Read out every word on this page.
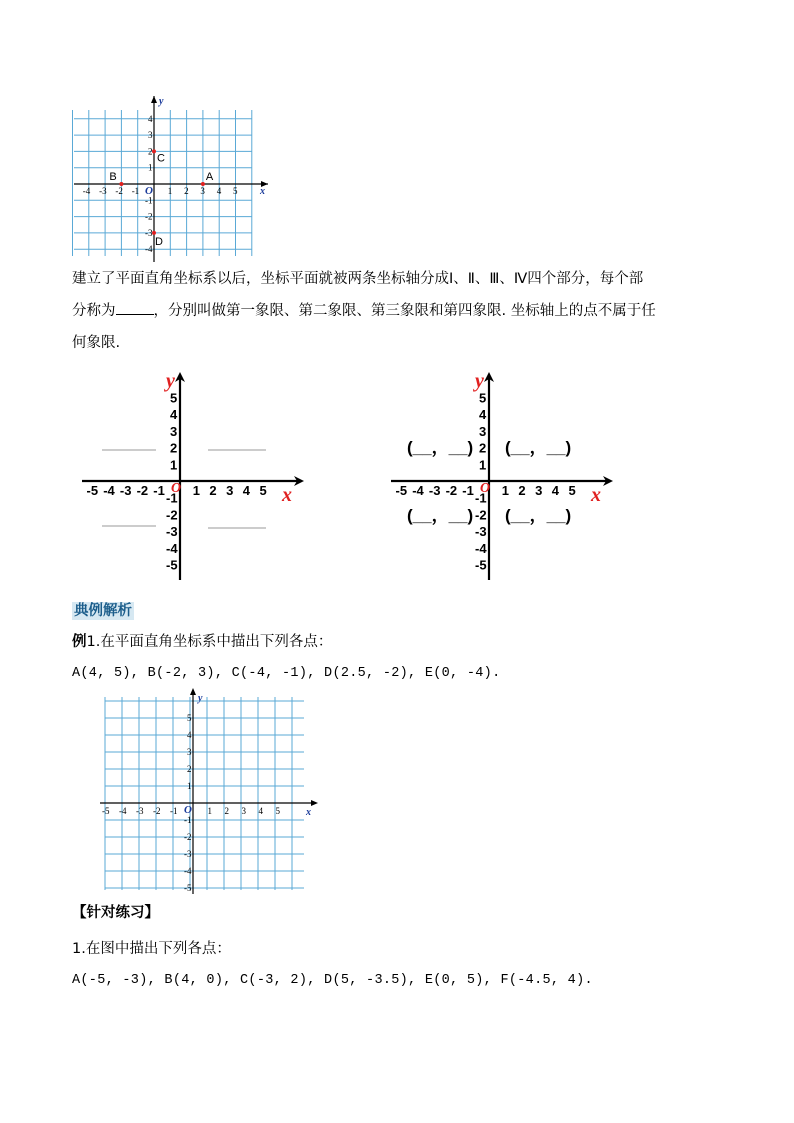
x
y
O
-4 -3 -2 -1	1 2 3 4 5
4
3
2
1
-1
-2
-3
-4
A
B
C
D
建立了平面直角坐标系以后，坐标平面就被两条坐标轴分成Ⅰ、Ⅱ、Ⅲ、Ⅳ四个部分，每个部
分称为	，分别叫做第一象限、第二象限、第三象限和第四象限. 坐标轴上的点不属于任
何象限.
x
y
O
-5 -4 -3 -2 -1 1 2 3 4 5
5
4
3
2
1
-1
-2
-3
-4
-5
x
y
O
-5 -4 -3 -2 -1 1 2 3 4 5
5
4
3
2
1
-1
-2
-3
-4
-5
(__，__) (__，__)
(__，__) (__，__)
典例解析
例1.在平面直角坐标系中描出下列各点：
A(4, 5), B(-2, 3), C(-4, -1), D(2.5, -2), E(0, -4).
x
y
O
-5 -4 -3 -2 -1	1 2 3 4 5
5
4
3
2
1
-1
-2
-3
-4
-5
【针对练习】
1.在图中描出下列各点：
A(-5, -3), B(4, 0), C(-3, 2), D(5, -3.5), E(0, 5), F(-4.5, 4).
